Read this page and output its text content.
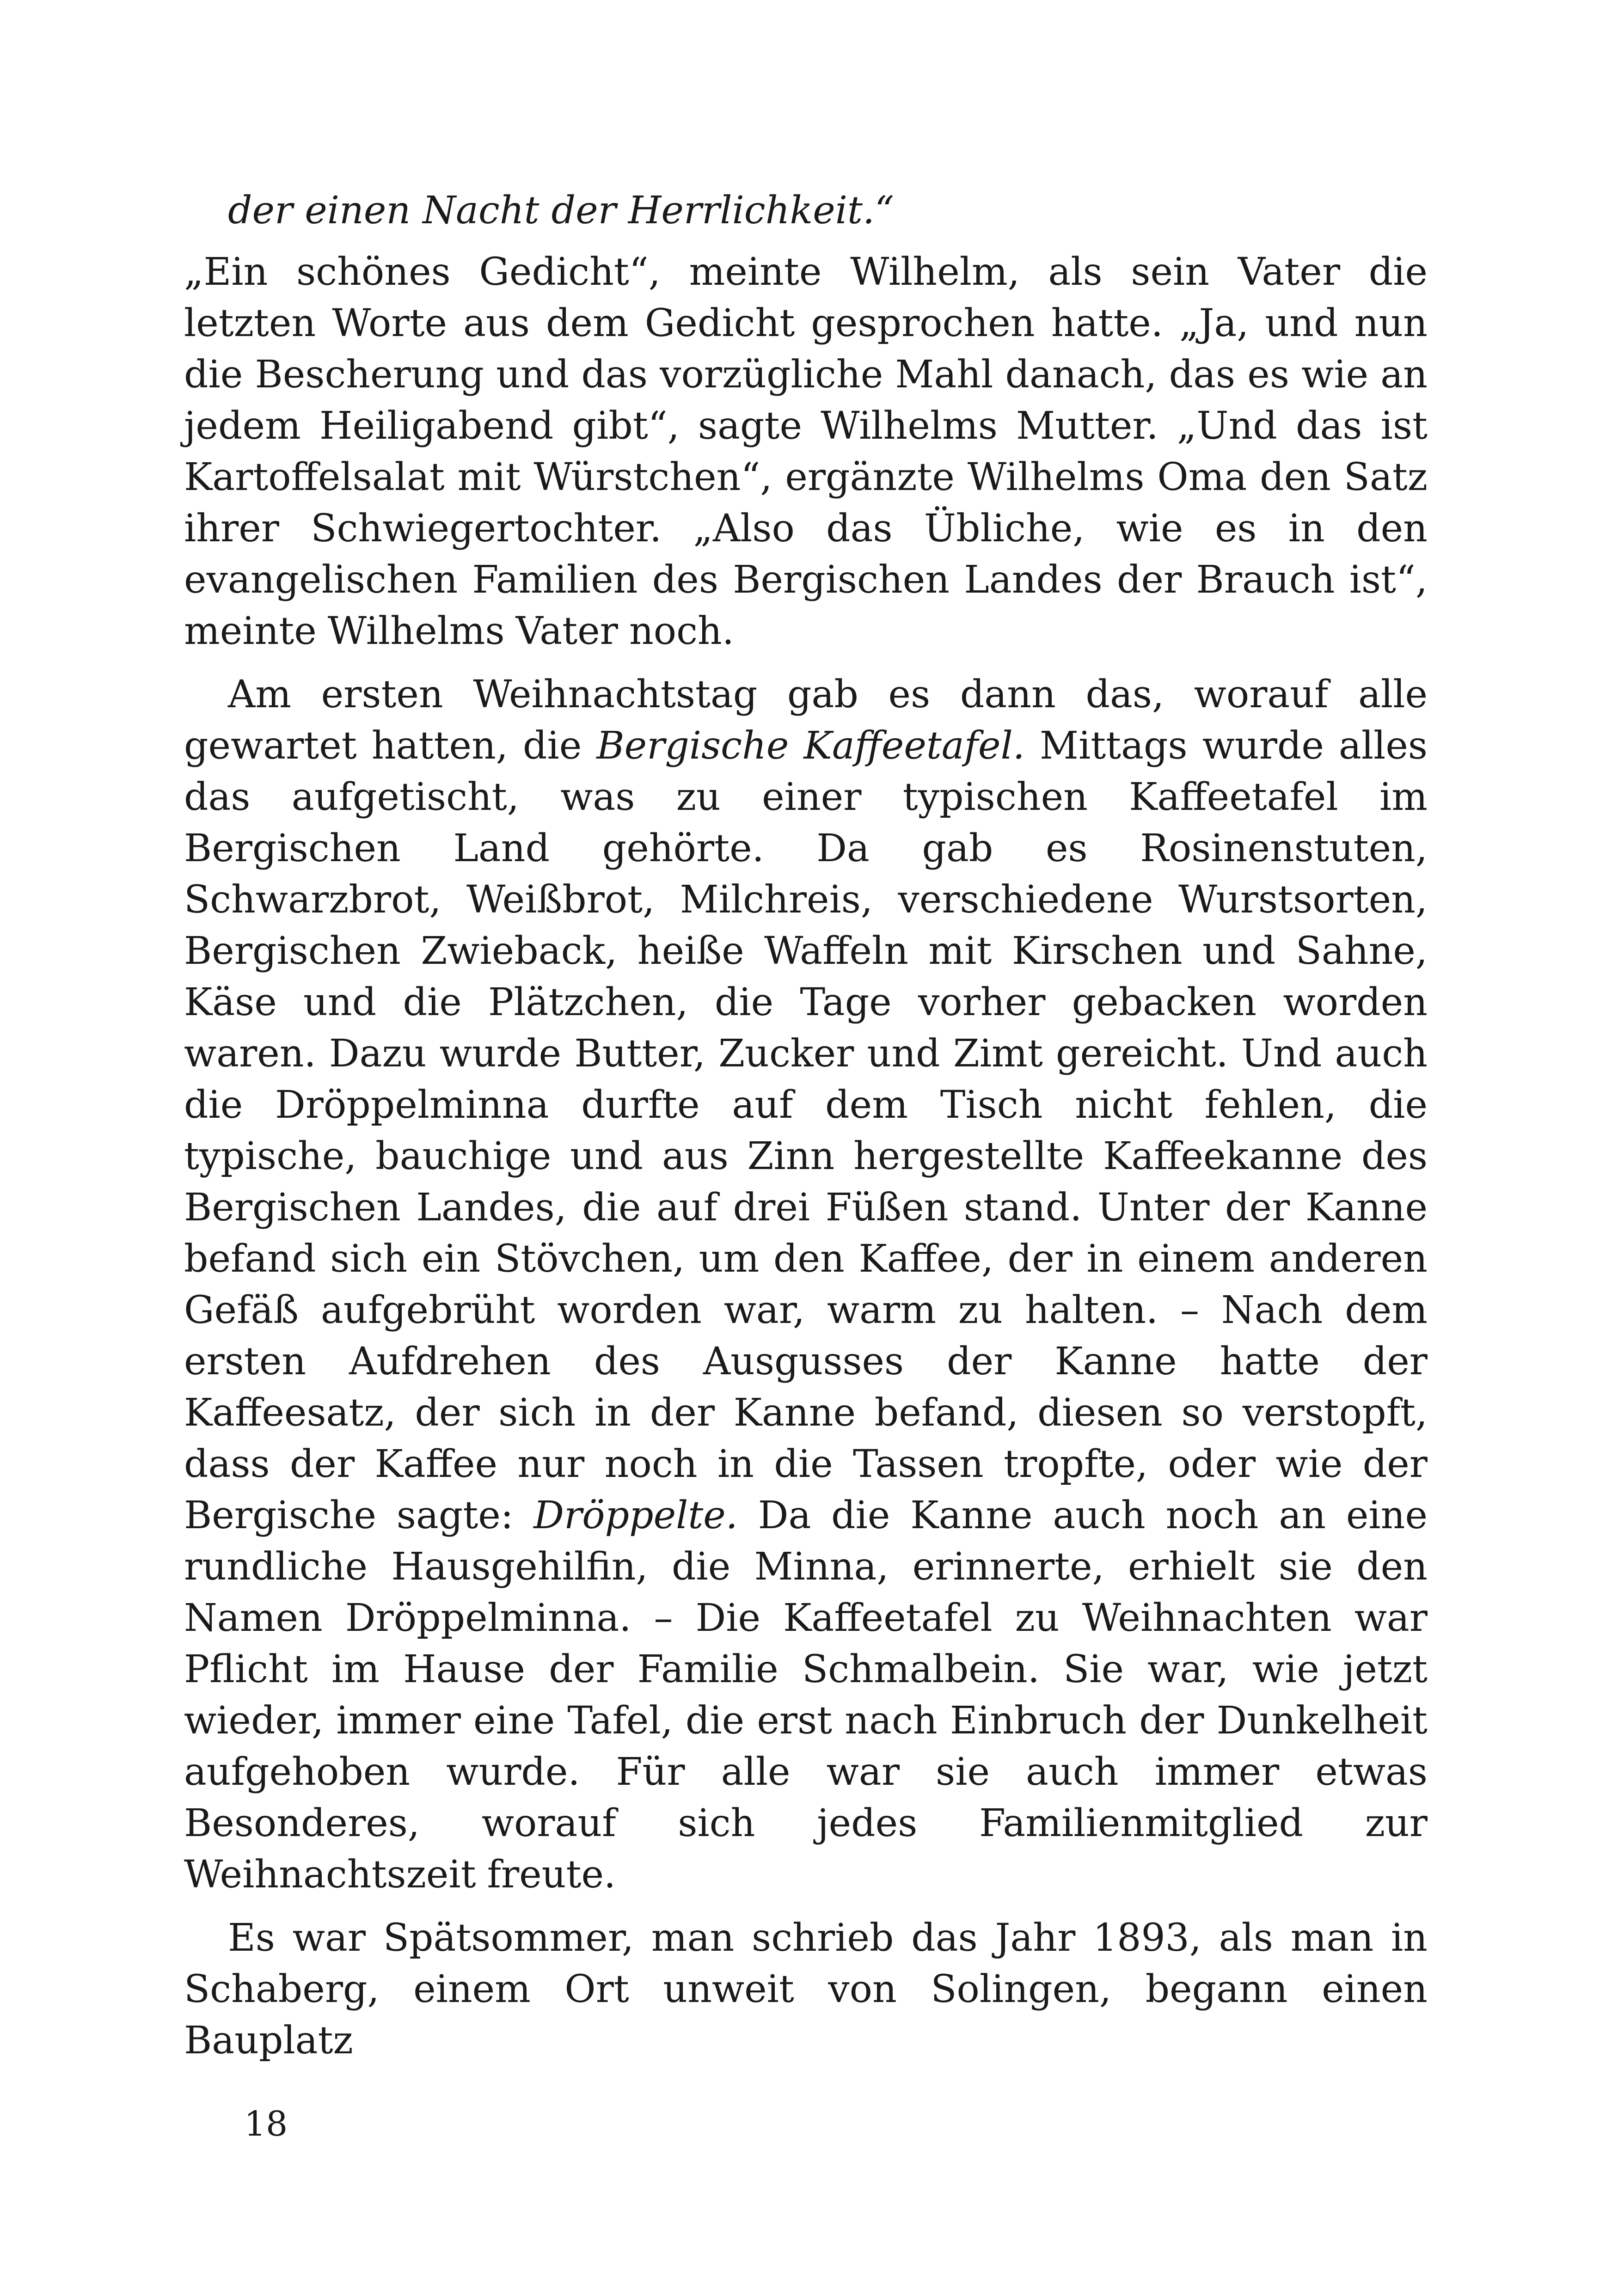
der einen Nacht der Herrlichkeit.“

„Ein schönes Gedicht“, meinte Wilhelm, als sein Vater die letzten Worte aus dem Gedicht gesprochen hatte. „Ja, und nun die Bescherung und das vorzügliche Mahl danach, das es wie an jedem Heiligabend gibt“, sagte Wilhelms Mutter. „Und das ist Kartoffelsalat mit Würstchen“, ergänzte Wilhelms Oma den Satz ihrer Schwiegertochter. „Also das Übliche, wie es in den evangelischen Familien des Bergischen Landes der Brauch ist“, meinte Wilhelms Vater noch.

Am ersten Weihnachtstag gab es dann das, worauf alle gewartet hatten, die Bergische Kaffeetafel. Mittags wurde alles das aufgetischt, was zu einer typischen Kaffeetafel im Bergischen Land gehörte. Da gab es Rosinenstuten, Schwarzbrot, Weißbrot, Milchreis, verschiedene Wurstsorten, Bergischen Zwieback, heiße Waffeln mit Kirschen und Sahne, Käse und die Plätzchen, die Tage vorher gebacken worden waren. Dazu wurde Butter, Zucker und Zimt gereicht. Und auch die Dröppelminna durfte auf dem Tisch nicht fehlen, die typische, bauchige und aus Zinn hergestellte Kaffeekanne des Bergischen Landes, die auf drei Füßen stand. Unter der Kanne befand sich ein Stövchen, um den Kaffee, der in einem anderen Gefäß aufgebrüht worden war, warm zu halten. – Nach dem ersten Aufdrehen des Ausgusses der Kanne hatte der Kaffeesatz, der sich in der Kanne befand, diesen so verstopft, dass der Kaffee nur noch in die Tassen tropfte, oder wie der Bergische sagte: Dröppelte. Da die Kanne auch noch an eine rundliche Hausgehilfin, die Minna, erinnerte, erhielt sie den Namen Dröppelminna. – Die Kaffeetafel zu Weihnachten war Pflicht im Hause der Familie Schmalbein. Sie war, wie jetzt wieder, immer eine Tafel, die erst nach Einbruch der Dunkelheit aufgehoben wurde. Für alle war sie auch immer etwas Besonderes, worauf sich jedes Familienmitglied zur Weihnachtszeit freute.

Es war Spätsommer, man schrieb das Jahr 1893, als man in Schaberg, einem Ort unweit von Solingen, begann einen Bauplatz

18
